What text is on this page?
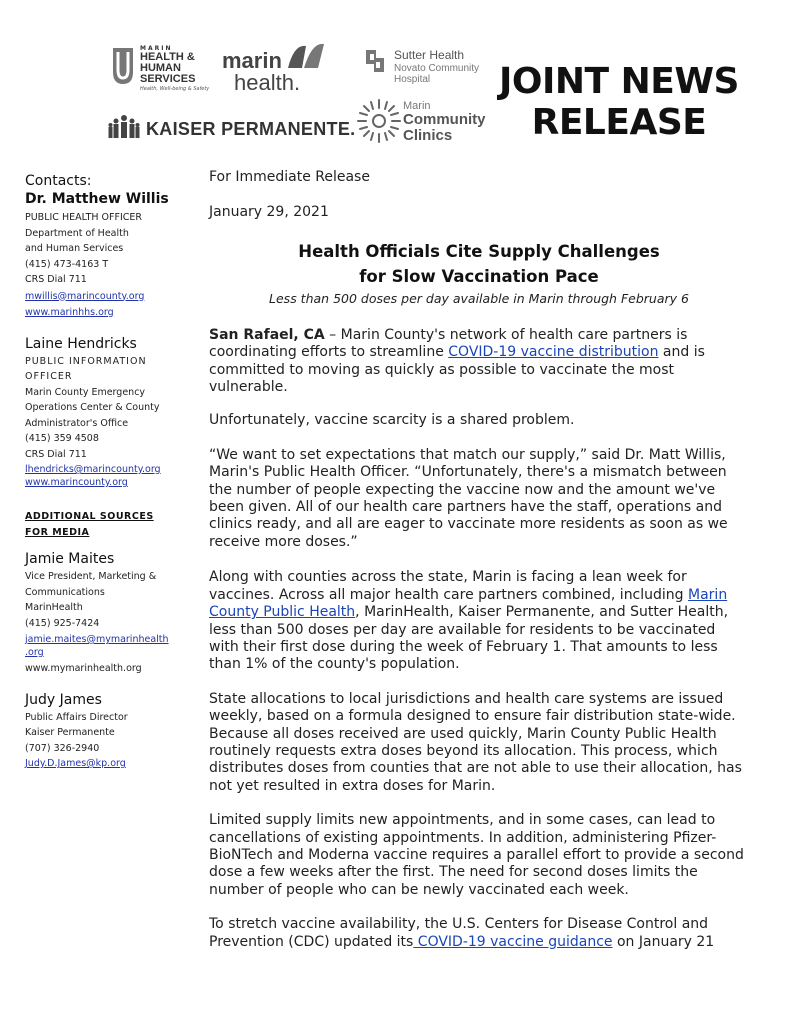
MARIN
HEALTH &
HUMAN
SERVICES
Health, Well-being & Safety
marin
health.
Sutter Health
Novato Community
Hospital
KAISER PERMANENTE.
Marin
Community
Clinics
JOINT NEWS
RELEASE
Contacts:
Dr. Matthew Willis
PUBLIC HEALTH OFFICER
Department of Health
and Human Services
(415) 473-4163 T
CRS Dial 711
mwillis@marincounty.org
www.marinhhs.org
Laine Hendricks
PUBLIC INFORMATION
OFFICER
Marin County Emergency
Operations Center & County
Administrator's Office
(415) 359 4508
CRS Dial 711
lhendricks@marincounty.org
www.marincounty.org
ADDITIONAL SOURCES
FOR MEDIA
Jamie Maites
Vice President, Marketing &
Communications
MarinHealth
(415) 925-7424
jamie.maites@mymarinhealth
.org
www.mymarinhealth.org
Judy James
Public Affairs Director
Kaiser Permanente
(707) 326-2940
Judy.D.James@kp.org

For Immediate Release

January 29, 2021

Health Officials Cite Supply Challenges
for Slow Vaccination Pace
Less than 500 doses per day available in Marin through February 6

San Rafael, CA – Marin County's network of health care partners is coordinating efforts to streamline COVID-19 vaccine distribution and is committed to moving as quickly as possible to vaccinate the most vulnerable.

Unfortunately, vaccine scarcity is a shared problem.

“We want to set expectations that match our supply,” said Dr. Matt Willis, Marin's Public Health Officer. “Unfortunately, there's a mismatch between the number of people expecting the vaccine now and the amount we've been given. All of our health care partners have the staff, operations and clinics ready, and all are eager to vaccinate more residents as soon as we receive more doses.”

Along with counties across the state, Marin is facing a lean week for vaccines. Across all major health care partners combined, including Marin County Public Health, MarinHealth, Kaiser Permanente, and Sutter Health, less than 500 doses per day are available for residents to be vaccinated with their first dose during the week of February 1. That amounts to less than 1% of the county's population.

State allocations to local jurisdictions and health care systems are issued weekly, based on a formula designed to ensure fair distribution state-wide. Because all doses received are used quickly, Marin County Public Health routinely requests extra doses beyond its allocation. This process, which distributes doses from counties that are not able to use their allocation, has not yet resulted in extra doses for Marin.

Limited supply limits new appointments, and in some cases, can lead to cancellations of existing appointments. In addition, administering Pfizer-BioNTech and Moderna vaccine requires a parallel effort to provide a second dose a few weeks after the first. The need for second doses limits the number of people who can be newly vaccinated each week.

To stretch vaccine availability, the U.S. Centers for Disease Control and Prevention (CDC) updated its COVID-19 vaccine guidance on January 21
